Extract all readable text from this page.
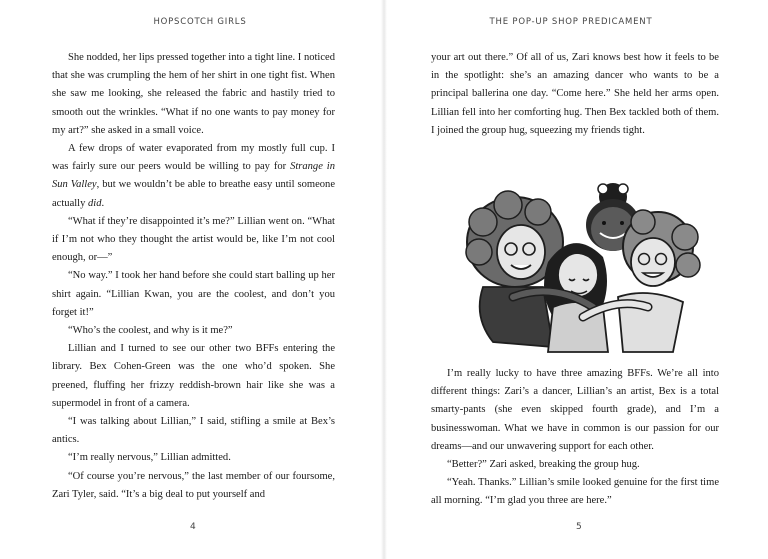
HOPSCOTCH GIRLS

She nodded, her lips pressed together into a tight line. I noticed that she was crumpling the hem of her shirt in one tight fist. When she saw me looking, she released the fabric and hastily tried to smooth out the wrinkles. “What if no one wants to pay money for my art?” she asked in a small voice.

A few drops of water evaporated from my mostly full cup. I was fairly sure our peers would be willing to pay for Strange in Sun Valley, but we wouldn’t be able to breathe easy until someone actually did.

“What if they’re disappointed it’s me?” Lillian went on. “What if I’m not who they thought the artist would be, like I’m not cool enough, or—”

“No way.” I took her hand before she could start balling up her shirt again. “Lillian Kwan, you are the coolest, and don’t you forget it!”

“Who’s the coolest, and why is it me?”

Lillian and I turned to see our other two BFFs entering the library. Bex Cohen-Green was the one who’d spoken. She preened, fluffing her frizzy reddish-brown hair like she was a supermodel in front of a camera.

“I was talking about Lillian,” I said, stifling a smile at Bex’s antics.

“I’m really nervous,” Lillian admitted.

“Of course you’re nervous,” the last member of our foursome, Zari Tyler, said. “It’s a big deal to put yourself and

4

THE POP-UP SHOP PREDICAMENT

your art out there.” Of all of us, Zari knows best how it feels to be in the spotlight: she’s an amazing dancer who wants to be a principal ballerina one day. “Come here.” She held her arms open. Lillian fell into her comforting hug. Then Bex tackled both of them. I joined the group hug, squeezing my friends tight.

I’m really lucky to have three amazing BFFs. We’re all into different things: Zari’s a dancer, Lillian’s an artist, Bex is a total smarty-pants (she even skipped fourth grade), and I’m a businesswoman. What we have in common is our passion for our dreams—and our unwavering support for each other.

“Better?” Zari asked, breaking the group hug.

“Yeah. Thanks.” Lillian’s smile looked genuine for the first time all morning. “I’m glad you three are here.”

5
